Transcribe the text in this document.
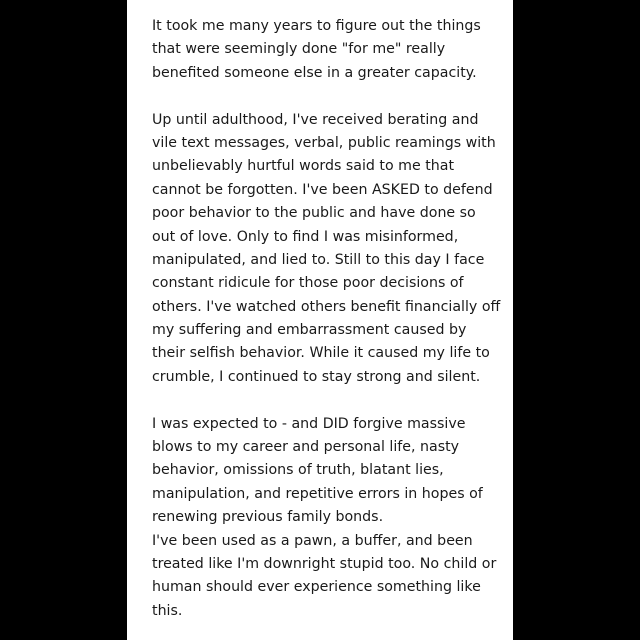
It took me many years to figure out the things
that were seemingly done "for me" really
benefited someone else in a greater capacity.
Up until adulthood, I've received berating and
vile text messages, verbal, public reamings with
unbelievably hurtful words said to me that
cannot be forgotten. I've been ASKED to defend
poor behavior to the public and have done so
out of love. Only to find I was misinformed,
manipulated, and lied to. Still to this day I face
constant ridicule for those poor decisions of
others. I've watched others benefit financially off
my suffering and embarrassment caused by
their selfish behavior. While it caused my life to
crumble, I continued to stay strong and silent.
I was expected to - and DID forgive massive
blows to my career and personal life, nasty
behavior, omissions of truth, blatant lies,
manipulation, and repetitive errors in hopes of
renewing previous family bonds.
I've been used as a pawn, a buffer, and been
treated like I'm downright stupid too. No child or
human should ever experience something like
this.
